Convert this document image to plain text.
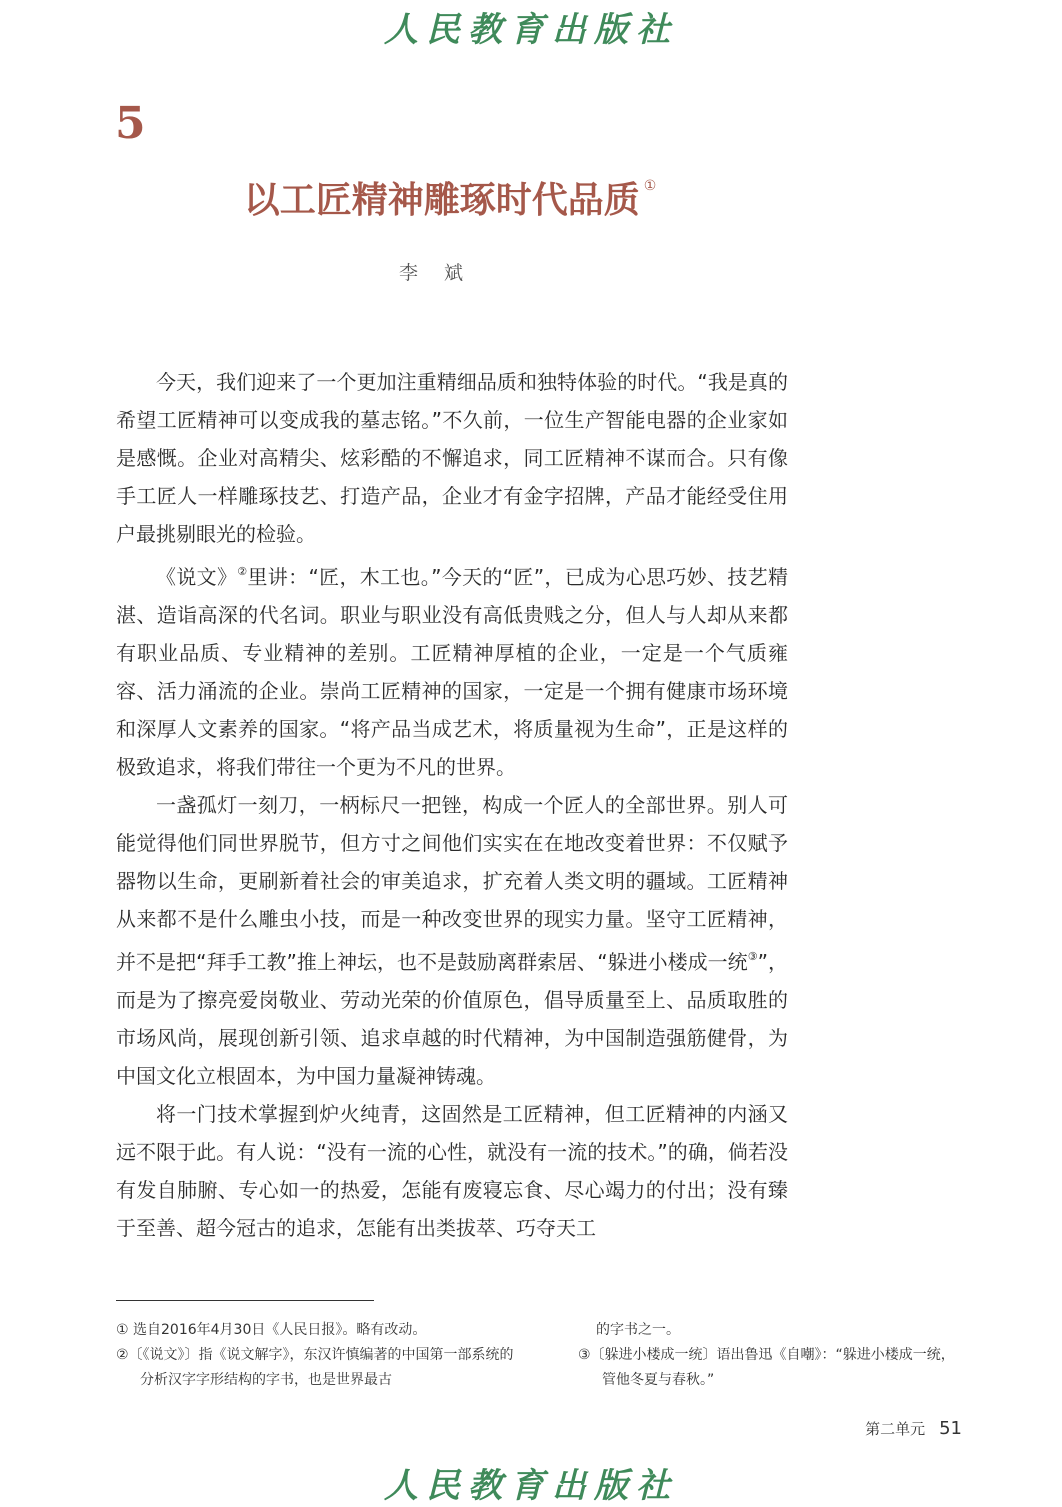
人民教育出版社
5
以工匠精神雕琢时代品质 ①
李斌

今天，我们迎来了一个更加注重精细品质和独特体验的时代。“我是真的希望工匠精神可以变成我的墓志铭。”不久前，一位生产智能电器的企业家如是感慨。企业对高精尖、炫彩酷的不懈追求，同工匠精神不谋而合。只有像手工匠人一样雕琢技艺、打造产品，企业才有金字招牌，产品才能经受住用户最挑剔眼光的检验。

《说文》②里讲：“匠，木工也。”今天的“匠”，已成为心思巧妙、技艺精湛、造诣高深的代名词。职业与职业没有高低贵贱之分，但人与人却从来都有职业品质、专业精神的差别。工匠精神厚植的企业，一定是一个气质雍容、活力涌流的企业。崇尚工匠精神的国家，一定是一个拥有健康市场环境和深厚人文素养的国家。“将产品当成艺术，将质量视为生命”，正是这样的极致追求，将我们带往一个更为不凡的世界。

一盏孤灯一刻刀，一柄标尺一把锉，构成一个匠人的全部世界。别人可能觉得他们同世界脱节，但方寸之间他们实实在在地改变着世界：不仅赋予器物以生命，更刷新着社会的审美追求，扩充着人类文明的疆域。工匠精神从来都不是什么雕虫小技，而是一种改变世界的现实力量。坚守工匠精神，并不是把“拜手工教”推上神坛，也不是鼓励离群索居、“躲进小楼成一统③”，而是为了擦亮爱岗敬业、劳动光荣的价值原色，倡导质量至上、品质取胜的市场风尚，展现创新引领、追求卓越的时代精神，为中国制造强筋健骨，为中国文化立根固本，为中国力量凝神铸魂。

将一门技术掌握到炉火纯青，这固然是工匠精神，但工匠精神的内涵又远不限于此。有人说：“没有一流的心性，就没有一流的技术。”的确，倘若没有发自肺腑、专心如一的热爱，怎能有废寝忘食、尽心竭力的付出；没有臻于至善、超今冠古的追求，怎能有出类拔萃、巧夺天工

① 选自2016年4月30日《人民日报》。略有改动。

②〔《说文》〕指《说文解字》，东汉许慎编著的中国第一部系统的分析汉字字形结构的字书，也是世界最古

的字书之一。

③〔躲进小楼成一统〕语出鲁迅《自嘲》：“躲进小楼成一统，管他冬夏与春秋。”

第二单元 51
人民教育出版社
